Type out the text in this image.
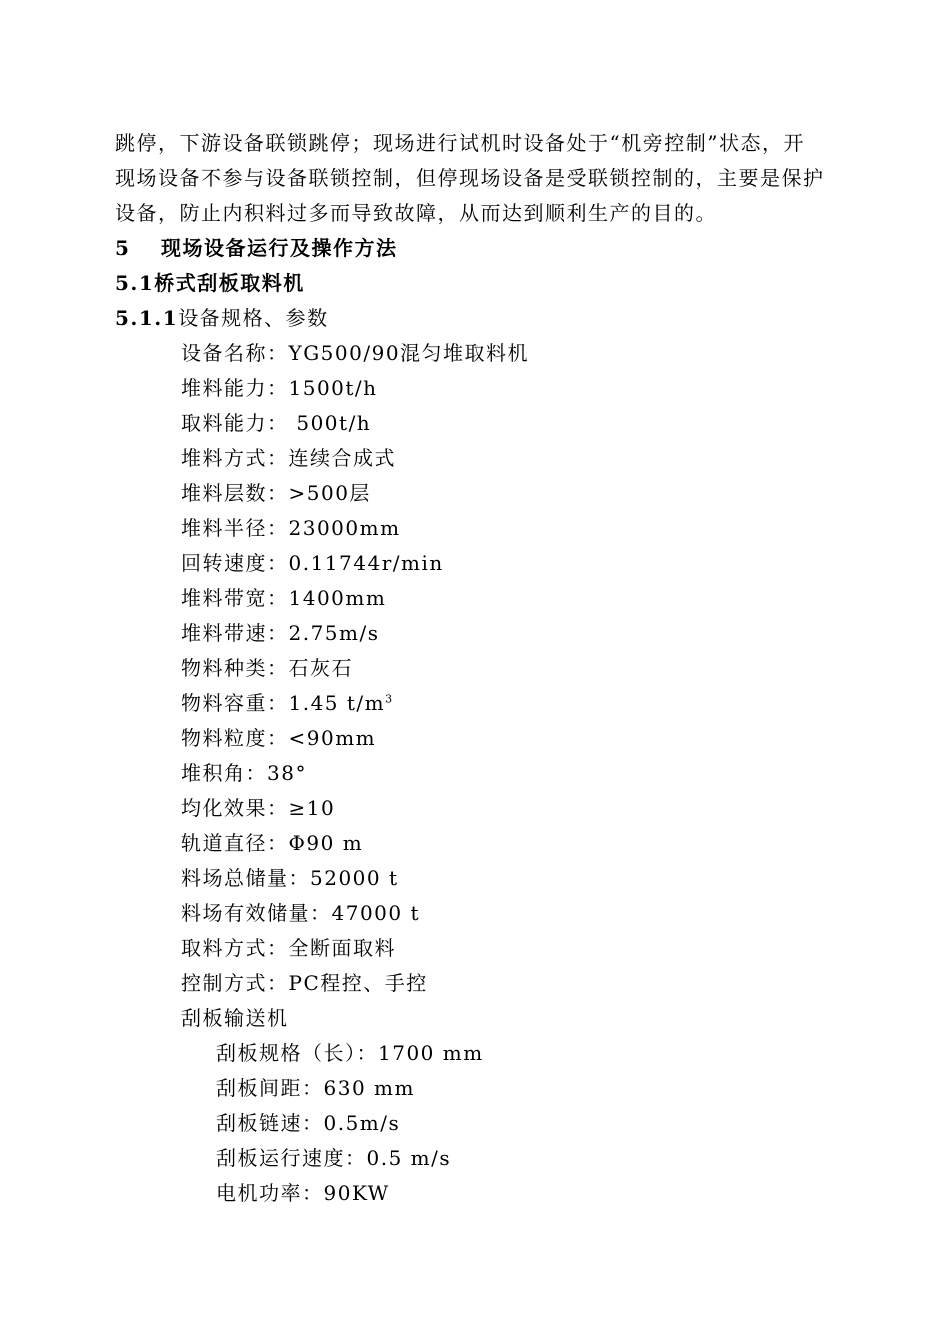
跳停，下游设备联锁跳停；现场进行试机时设备处于“机旁控制”状态，开
现场设备不参与设备联锁控制，但停现场设备是受联锁控制的，主要是保护
设备，防止内积料过多而导致故障，从而达到顺利生产的目的。
5 现场设备运行及操作方法
5.1桥式刮板取料机
5.1.1设备规格、参数
设备名称：YG500/90混匀堆取料机
堆料能力：1500t/h
取料能力： 500t/h
堆料方式：连续合成式
堆料层数：>500层
堆料半径：23000mm
回转速度：0.11744r/min
堆料带宽：1400mm
堆料带速：2.75m/s
物料种类：石灰石
物料容重：1.45 $t/m^3$
物料粒度：<90mm
堆积角：38°
均化效果：≥10
轨道直径：Φ90 m
料场总储量：52000 t
料场有效储量：47000 t
取料方式：全断面取料
控制方式：PC程控、手控
刮板输送机
刮板规格（长）：1700 mm
刮板间距：630 mm
刮板链速：0.5m/s
刮板运行速度：0.5 m/s
电机功率：90KW
